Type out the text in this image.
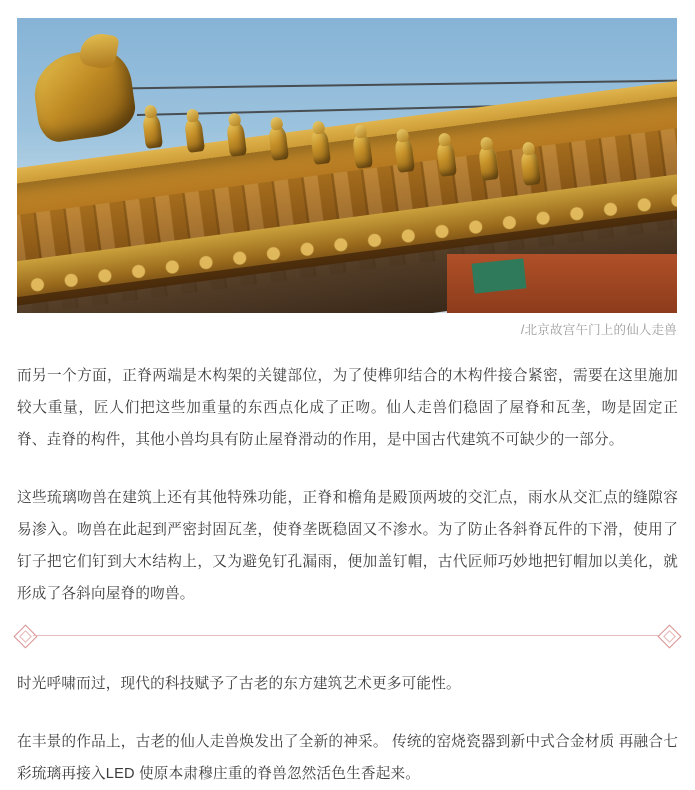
/北京故宫午门上的仙人走兽

而另一个方面，正脊两端是木构架的关键部位，为了使榫卯结合的木构件接合紧密，需要在这里施加较大重量，匠人们把这些加重量的东西点化成了正吻。仙人走兽们稳固了屋脊和瓦垄，吻是固定正脊、垚脊的构件，其他小兽均具有防止屋脊滑动的作用，是中国古代建筑不可缺少的一部分。

这些琉璃吻兽在建筑上还有其他特殊功能，正脊和檐角是殿顶两坡的交汇点，雨水从交汇点的缝隙容易渗入。吻兽在此起到严密封固瓦垄，使脊垄既稳固又不渗水。为了防止各斜脊瓦件的下滑，使用了钉子把它们钉到大木结构上，又为避免钉孔漏雨，便加盖钉帽，古代匠师巧妙地把钉帽加以美化，就形成了各斜向屋脊的吻兽。

时光呼啸而过，现代的科技赋予了古老的东方建筑艺术更多可能性。

在丰景的作品上，古老的仙人走兽焕发出了全新的神采。 传统的窑烧瓷器到新中式合金材质 再融合七彩琉璃再接入LED 使原本肃穆庄重的脊兽忽然活色生香起来。
